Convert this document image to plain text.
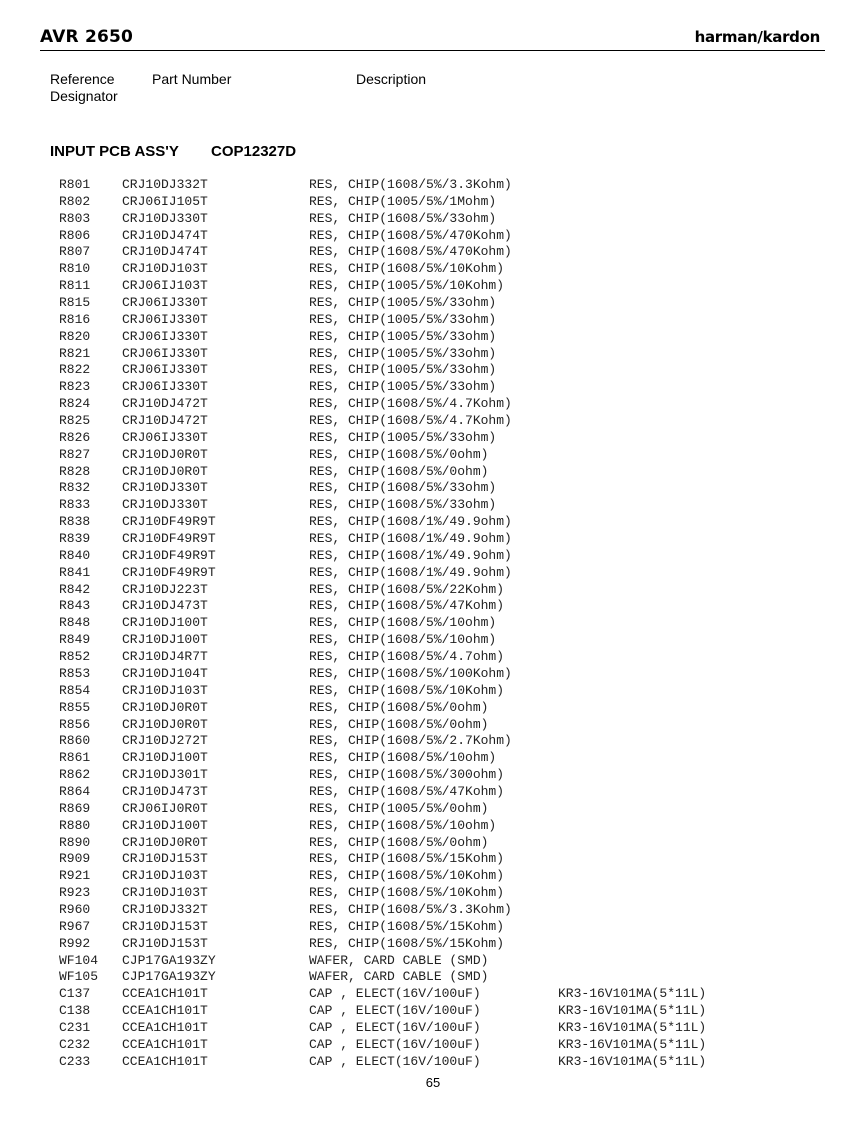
AVR 2650	harman/kardon
Reference
Designator
Part Number	Description
INPUT PCB ASS'Y COP12327D
R801 CRJ10DJ332T	RES, CHIP(1608/5%/3.3Kohm)
R802 CRJ06IJ105T	RES, CHIP(1005/5%/1Mohm)
R803 CRJ10DJ330T	RES, CHIP(1608/5%/33ohm)
R806 CRJ10DJ474T	RES, CHIP(1608/5%/470Kohm)
R807 CRJ10DJ474T	RES, CHIP(1608/5%/470Kohm)
R810 CRJ10DJ103T	RES, CHIP(1608/5%/10Kohm)
R811 CRJ06IJ103T	RES, CHIP(1005/5%/10Kohm)
R815 CRJ06IJ330T	RES, CHIP(1005/5%/33ohm)
R816 CRJ06IJ330T	RES, CHIP(1005/5%/33ohm)
R820 CRJ06IJ330T	RES, CHIP(1005/5%/33ohm)
R821 CRJ06IJ330T	RES, CHIP(1005/5%/33ohm)
R822 CRJ06IJ330T	RES, CHIP(1005/5%/33ohm)
R823 CRJ06IJ330T	RES, CHIP(1005/5%/33ohm)
R824 CRJ10DJ472T	RES, CHIP(1608/5%/4.7Kohm)
R825 CRJ10DJ472T	RES, CHIP(1608/5%/4.7Kohm)
R826 CRJ06IJ330T	RES, CHIP(1005/5%/33ohm)
R827 CRJ10DJ0R0T	RES, CHIP(1608/5%/0ohm)
R828 CRJ10DJ0R0T	RES, CHIP(1608/5%/0ohm)
R832 CRJ10DJ330T	RES, CHIP(1608/5%/33ohm)
R833 CRJ10DJ330T	RES, CHIP(1608/5%/33ohm)
R838 CRJ10DF49R9T	RES, CHIP(1608/1%/49.9ohm)
R839 CRJ10DF49R9T	RES, CHIP(1608/1%/49.9ohm)
R840 CRJ10DF49R9T	RES, CHIP(1608/1%/49.9ohm)
R841 CRJ10DF49R9T	RES, CHIP(1608/1%/49.9ohm)
R842 CRJ10DJ223T	RES, CHIP(1608/5%/22Kohm)
R843 CRJ10DJ473T	RES, CHIP(1608/5%/47Kohm)
R848 CRJ10DJ100T	RES, CHIP(1608/5%/10ohm)
R849 CRJ10DJ100T	RES, CHIP(1608/5%/10ohm)
R852 CRJ10DJ4R7T	RES, CHIP(1608/5%/4.7ohm)
R853 CRJ10DJ104T	RES, CHIP(1608/5%/100Kohm)
R854 CRJ10DJ103T	RES, CHIP(1608/5%/10Kohm)
R855 CRJ10DJ0R0T	RES, CHIP(1608/5%/0ohm)
R856 CRJ10DJ0R0T	RES, CHIP(1608/5%/0ohm)
R860 CRJ10DJ272T	RES, CHIP(1608/5%/2.7Kohm)
R861 CRJ10DJ100T	RES, CHIP(1608/5%/10ohm)
R862 CRJ10DJ301T	RES, CHIP(1608/5%/300ohm)
R864 CRJ10DJ473T	RES, CHIP(1608/5%/47Kohm)
R869 CRJ06IJ0R0T	RES, CHIP(1005/5%/0ohm)
R880 CRJ10DJ100T	RES, CHIP(1608/5%/10ohm)
R890 CRJ10DJ0R0T	RES, CHIP(1608/5%/0ohm)
R909 CRJ10DJ153T	RES, CHIP(1608/5%/15Kohm)
R921 CRJ10DJ103T	RES, CHIP(1608/5%/10Kohm)
R923 CRJ10DJ103T	RES, CHIP(1608/5%/10Kohm)
R960 CRJ10DJ332T	RES, CHIP(1608/5%/3.3Kohm)
R967 CRJ10DJ153T	RES, CHIP(1608/5%/15Kohm)
R992 CRJ10DJ153T	RES, CHIP(1608/5%/15Kohm)
WF104 CJP17GA193ZY	WAFER, CARD CABLE (SMD)
WF105 CJP17GA193ZY	WAFER, CARD CABLE (SMD)
C137 CCEA1CH101T	CAP , ELECT(16V/100uF)	KR3-16V101MA(5*11L)
C138 CCEA1CH101T	CAP , ELECT(16V/100uF)	KR3-16V101MA(5*11L)
C231 CCEA1CH101T	CAP , ELECT(16V/100uF)	KR3-16V101MA(5*11L)
C232 CCEA1CH101T	CAP , ELECT(16V/100uF)	KR3-16V101MA(5*11L)
C233 CCEA1CH101T	CAP , ELECT(16V/100uF)	KR3-16V101MA(5*11L)
65
